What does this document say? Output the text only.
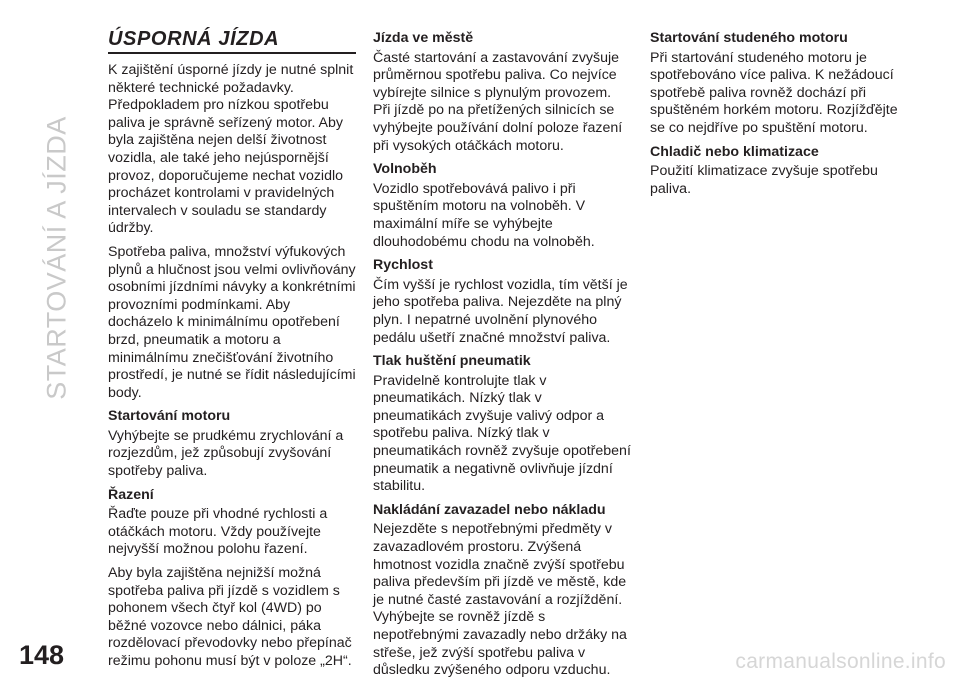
STARTOVÁNÍ A JÍZDA
ÚSPORNÁ JÍZDA

K zajištění úsporné jízdy je nutné splnit některé technické požadavky. Předpokladem pro nízkou spotřebu paliva je správně seřízený motor. Aby byla zajištěna nejen delší životnost vozidla, ale také jeho nejúspornější provoz, doporučujeme nechat vozidlo procházet kontrolami v pravidelných intervalech v souladu se standardy údržby.

Spotřeba paliva, množství výfukových plynů a hlučnost jsou velmi ovlivňovány osobními jízdními návyky a konkrétními provozními podmínkami. Aby docházelo k minimálnímu opotřebení brzd, pneumatik a motoru a minimálnímu znečišťování životního prostředí, je nutné se řídit následujícími body.

Startování motoru

Vyhýbejte se prudkému zrychlování a rozjezdům, jež způsobují zvyšování spotřeby paliva.

Řazení

Řaďte pouze při vhodné rychlosti a otáčkách motoru. Vždy používejte nejvyšší možnou polohu řazení.

Aby byla zajištěna nejnižší možná spotřeba paliva při jízdě s vozidlem s pohonem všech čtyř kol (4WD) po běžné vozovce nebo dálnici, páka rozdělovací převodovky nebo přepínač režimu pohonu musí být v poloze „2H“.

Jízda ve městě

Časté startování a zastavování zvyšuje průměrnou spotřebu paliva. Co nejvíce vybírejte silnice s plynulým provozem. Při jízdě po na přetížených silnicích se vyhýbejte používání dolní poloze řazení při vysokých otáčkách motoru.

Volnoběh

Vozidlo spotřebovává palivo i při spuštěním motoru na volnoběh. V maximální míře se vyhýbejte dlouhodobému chodu na volnoběh.

Rychlost

Čím vyšší je rychlost vozidla, tím větší je jeho spotřeba paliva. Nejezděte na plný plyn. I nepatrné uvolnění plynového pedálu ušetří značné množství paliva.

Tlak huštění pneumatik

Pravidelně kontrolujte tlak v pneumatikách. Nízký tlak v pneumatikách zvyšuje valivý odpor a spotřebu paliva. Nízký tlak v pneumatikách rovněž zvyšuje opotřebení pneumatik a negativně ovlivňuje jízdní stabilitu.

Nakládání zavazadel nebo nákladu

Nejezděte s nepotřebnými předměty v zavazadlovém prostoru. Zvýšená hmotnost vozidla značně zvýší spotřebu paliva především při jízdě ve městě, kde je nutné časté zastavování a rozjíždění. Vyhýbejte se rovněž jízdě s nepotřebnými zavazadly nebo držáky na střeše, jež zvýší spotřebu paliva v důsledku zvýšeného odporu vzduchu.

Startování studeného motoru

Při startování studeného motoru je spotřebováno více paliva. K nežádoucí spotřebě paliva rovněž dochází při spuštěném horkém motoru. Rozjížďějte se co nejdříve po spuštění motoru.

Chladič nebo klimatizace

Použití klimatizace zvyšuje spotřebu paliva.

148	carmanualsonline.info
